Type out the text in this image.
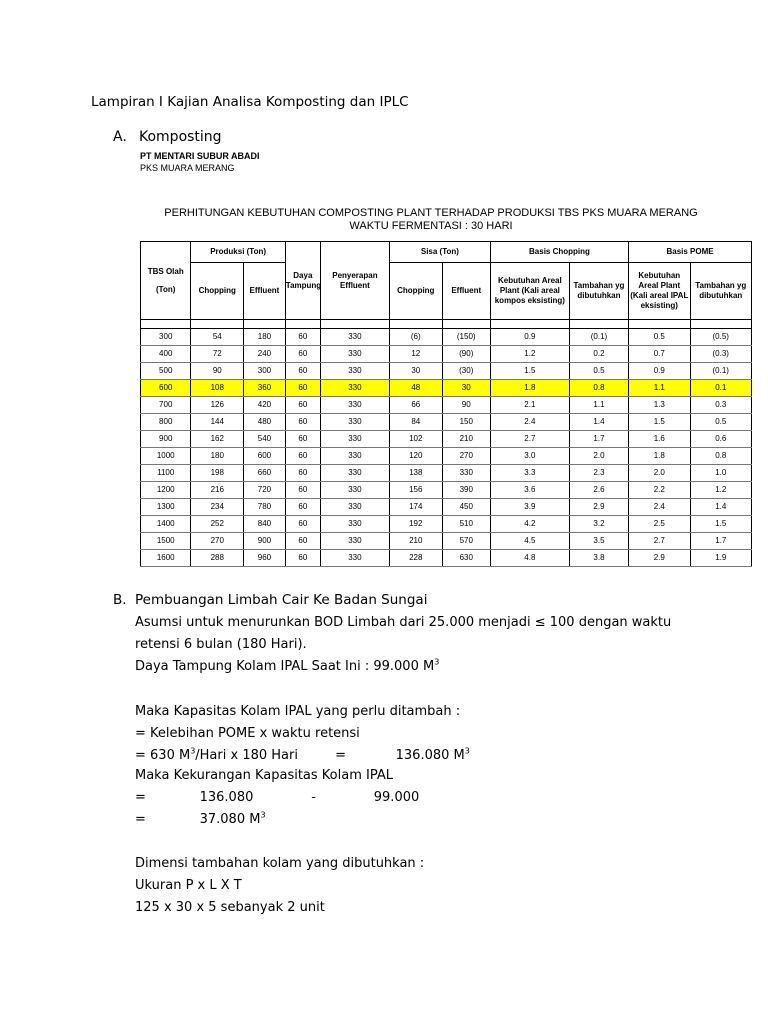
Lampiran I Kajian Analisa Komposting dan IPLC
A. Komposting
PT MENTARI SUBUR ABADI
PKS MUARA MERANG
PERHITUNGAN KEBUTUHAN COMPOSTING PLANT TERHADAP PRODUKSI TBS PKS MUARA MERANG
WAKTU FERMENTASI : 30 HARI
TBS Olah
(Ton)	Produksi (Ton)		Daya Tampung	Penyerapan Effluent	Sisa (Ton)		Basis Chopping		Basis POME	
	Chopping	Effluent			Chopping	Effluent	Kebutuhan Areal Plant (Kali areal kompos eksisting)	Tambahan yg dibutuhkan	Kebutuhan Areal Plant (Kali areal IPAL eksisting)	Tambahan yg dibutuhkan

300	54	180	60	330	(6)	(150)	0.9	(0.1)	0.5	(0.5)
400	72	240	60	330	12	(90)	1.2	0.2	0.7	(0.3)
500	90	300	60	330	30	(30)	1.5	0.5	0.9	(0.1)
600	108	360	60	330	48	30	1.8	0.8	1.1	0.1
700	126	420	60	330	66	90	2.1	1.1	1.3	0.3
800	144	480	60	330	84	150	2.4	1.4	1.5	0.5
900	162	540	60	330	102	210	2.7	1.7	1.6	0.6
1000	180	600	60	330	120	270	3.0	2.0	1.8	0.8
1100	198	660	60	330	138	330	3.3	2.3	2.0	1.0
1200	216	720	60	330	156	390	3.6	2.6	2.2	1.2
1300	234	780	60	330	174	450	3.9	2.9	2.4	1.4
1400	252	840	60	330	192	510	4.2	3.2	2.5	1.5
1500	270	900	60	330	210	570	4.5	3.5	2.7	1.7
1600	288	960	60	330	228	630	4.8	3.8	2.9	1.9
B. Pembuangan Limbah Cair Ke Badan Sungai
Asumsi untuk menurunkan BOD Limbah dari 25.000 menjadi ≤ 100 dengan waktu
retensi 6 bulan (180 Hari).
Daya Tampung Kolam IPAL Saat Ini : 99.000 $M^3$
Maka Kapasitas Kolam IPAL yang perlu ditambah :
= Kelebihan POME x waktu retensi
= 630 $M^3$/Hari x 180 Hari         =            136.080 $M^3$
Maka Kekurangan Kapasitas Kolam IPAL
=             136.080              -              99.000
=             37.080 $M^3$
Dimensi tambahan kolam yang dibutuhkan :
Ukuran P x L X T
125 x 30 x 5 sebanyak 2 unit
